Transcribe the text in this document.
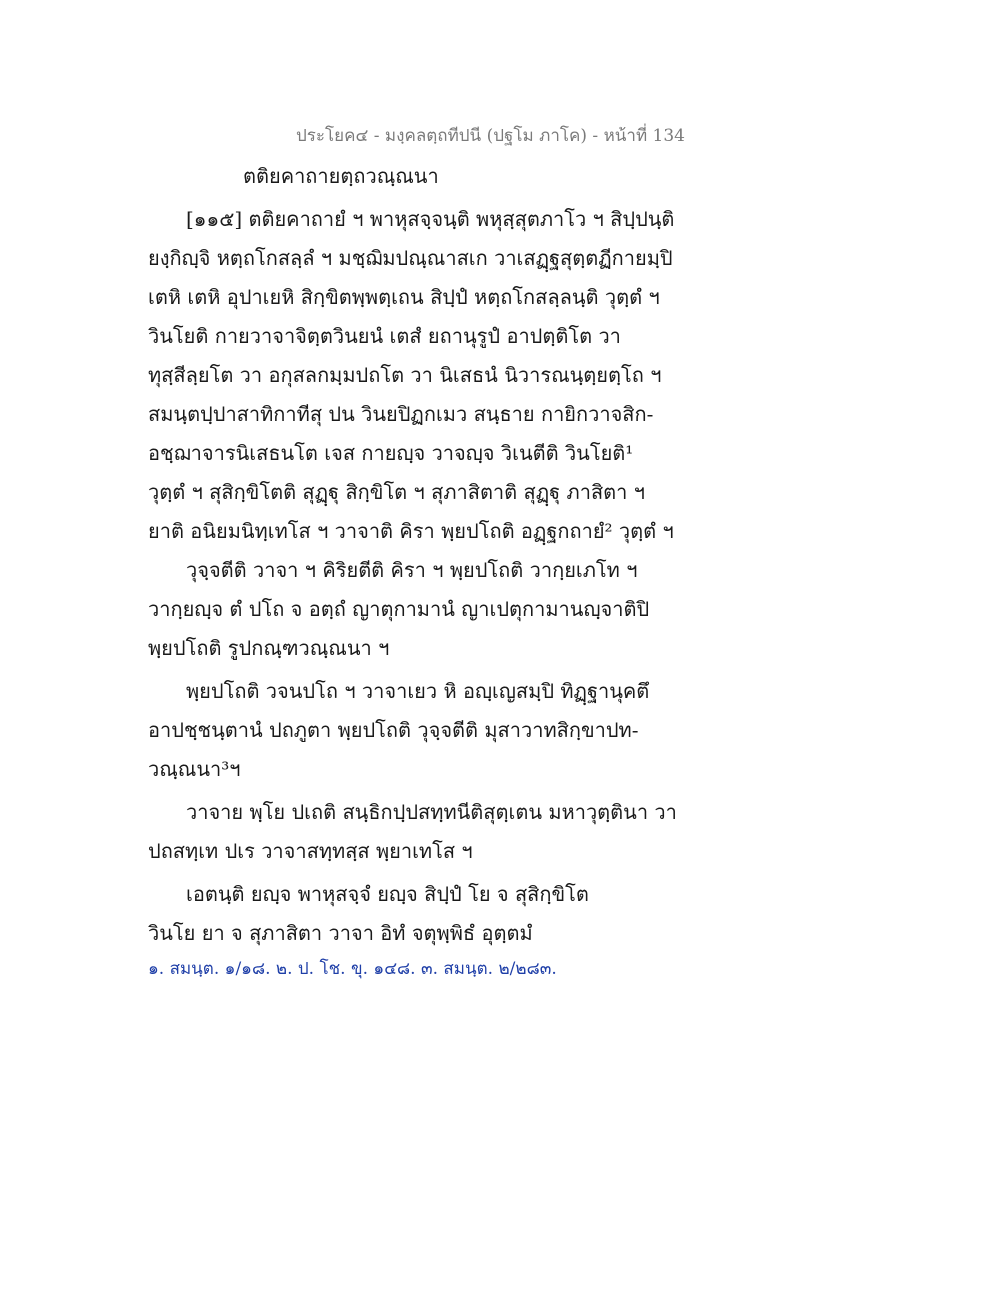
ประโยค๔ - มงฺคลตฺถทีปนี (ปฐโม ภาโค) - หน้าที่ 134
ตติยคาถายตฺถวณฺณนา
[๑๑๕] ตติยคาถายํ ฯ พาหุสจฺจนฺติ พหุสฺสุตภาโว ฯ สิปฺปนฺติ
ยงฺกิญฺจิ หตฺถโกสลฺลํ ฯ มชฺฌิมปณฺณาสเก วาเสฏฺฐสุตฺตฏีกายมฺปิ
เตหิ เตหิ อุปาเยหิ สิกฺขิตพฺพตฺเถน สิปฺปํ หตฺถโกสลฺลนฺติ วุตฺตํ ฯ
วินโยติ กายวาจาจิตฺตวินยนํ เตสํ ยถานุรูปํ อาปตฺติโต วา
ทุสฺสีลฺยโต วา อกุสลกมฺมปถโต วา นิเสธนํ นิวารณนฺตฺยตฺโถ ฯ
สมนฺตปฺปาสาทิกาทีสุ ปน วินยปิฏกเมว สนฺธาย กายิกวาจสิก-
อชฺฌาจารนิเสธนโต เจส กายญฺจ วาจญฺจ วิเนตีติ วินโยติ¹
วุตฺตํ ฯ สุสิกฺขิโตติ สุฏฺฐุ สิกฺขิโต ฯ สุภาสิตาติ สุฏฺฐุ ภาสิตา ฯ
ยาติ อนิยมนิทฺเทโส ฯ วาจาติ คิรา พฺยปโถติ อฏฺฐกถายํ² วุตฺตํ ฯ
วุจฺจตีติ วาจา ฯ คิริยตีติ คิรา ฯ พฺยปโถติ วากฺยเภโท ฯ
วากฺยญฺจ ตํ ปโถ จ อตฺถํ ญาตุกามานํ ญาเปตุกามานญฺจาติปิ
พฺยปโถติ รูปกณฺฑวณฺณนา ฯ
พฺยปโถติ วจนปโถ ฯ วาจาเยว หิ อญฺเญสมฺปิ ทิฏฺฐานุคตึ
อาปชฺชนฺตานํ ปถภูตา พฺยปโถติ วุจฺจตีติ มุสาวาทสิกฺขาปท-
วณฺณนา³ฯ
วาจาย พฺโย ปเถติ สนฺธิกปฺปสทฺทนีติสุตฺเตน มหาวุตฺตินา วา
ปถสทฺเท ปเร วาจาสทฺทสฺส พฺยาเทโส ฯ
เอตนฺติ ยญฺจ พาหุสจฺจํ ยญฺจ สิปฺปํ โย จ สุสิกฺขิโต
วินโย ยา จ สุภาสิตา วาจา อิทํ จตุพฺพิธํ อุตฺตมํ
๑. สมนฺต. ๑/๑๘. ๒. ป. โช. ขุ. ๑๔๘. ๓. สมนฺต. ๒/๒๘๓.
